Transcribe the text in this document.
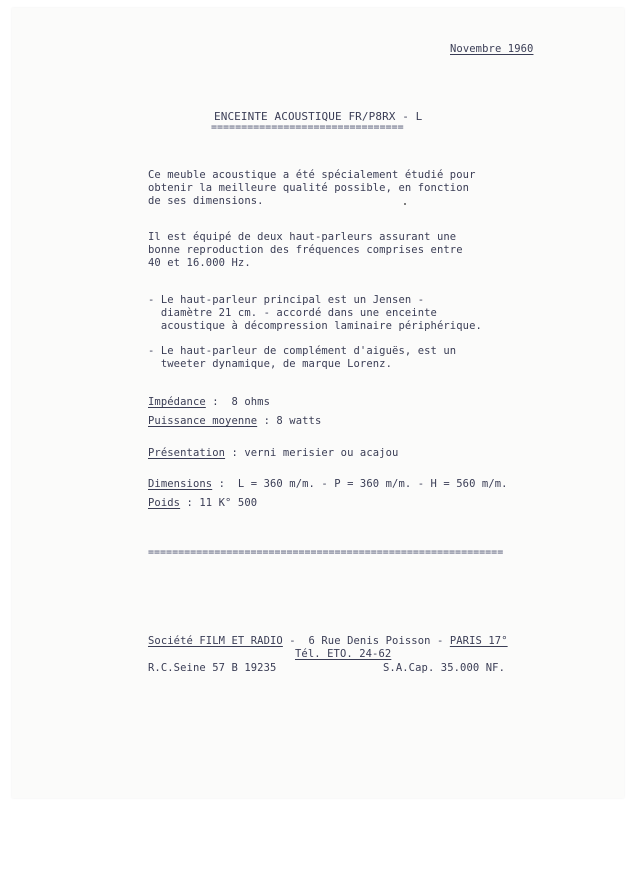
Novembre 1960
ENCEINTE ACOUSTIQUE FR/P8RX - L
================================
Ce meuble acoustique a été spécialement étudié pour
obtenir la meilleure qualité possible, en fonction
de ses dimensions.
Il est équipé de deux haut-parleurs assurant une
bonne reproduction des fréquences comprises entre
40 et 16.000 Hz.
- Le haut-parleur principal est un Jensen -
diamètre 21 cm. - accordé dans une enceinte
acoustique à décompression laminaire périphérique.
- Le haut-parleur de complément d'aiguës, est un
tweeter dynamique, de marque Lorenz.
Impédance :  8 ohms
Puissance moyenne : 8 watts
Présentation : verni merisier ou acajou
Dimensions :  L = 360 m/m. - P = 360 m/m. - H = 560 m/m.
Poids : 11 K° 500
===========================================================
Société FILM ET RADIO -  6 Rue Denis Poisson - PARIS 17°
Tél. ETO. 24-62
R.C.Seine 57 B 19235	S.A.Cap. 35.000 NF.
